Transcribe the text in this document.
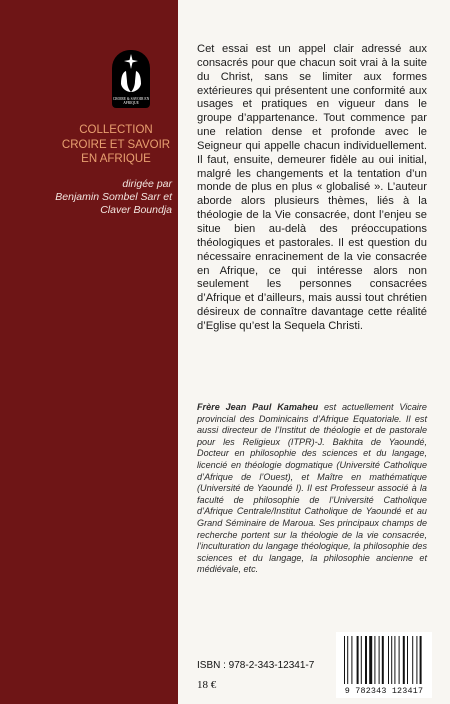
CROIRE & SAVOIR EN AFRIQUE
COLLECTION CROIRE ET SAVOIR EN AFRIQUE
dirigée par
Benjamin Sombel Sarr et Claver Boundja
Cet essai est un appel clair adressé aux consacrés pour que chacun soit vrai à la suite du Christ, sans se limiter aux formes extérieures qui présentent une conformité aux usages et pratiques en vigueur dans le groupe d’appartenance. Tout commence par une relation dense et profonde avec le Seigneur qui appelle chacun individuellement. Il faut, ensuite, demeurer fidèle au oui initial, malgré les changements et la tentation d’un monde de plus en plus « globalisé ». L’auteur aborde alors plusieurs thèmes, liés à la théologie de la Vie consacrée, dont l’enjeu se situe bien au-delà des préoccupations théologiques et pastorales. Il est question du nécessaire enracinement de la vie consacrée en Afrique, ce qui intéresse alors non seulement les personnes consacrées d’Afrique et d’ailleurs, mais aussi tout chrétien désireux de connaître davantage cette réalité d’Eglise qu’est la Sequela Christi.
Frère Jean Paul Kamaheu est actuellement Vicaire provincial des Dominicains d’Afrique Equatoriale. Il est aussi directeur de l’Institut de théologie et de pastorale pour les Religieux (ITPR)-J. Bakhita de Yaoundé, Docteur en philosophie des sciences et du langage, licencié en théologie dogmatique (Université Catholique d’Afrique de l’Ouest), et Maître en mathématique (Université de Yaoundé I). Il est Professeur associé à la faculté de philosophie de l’Université Catholique d’Afrique Centrale/Institut Catholique de Yaoundé et au Grand Séminaire de Maroua. Ses principaux champs de recherche portent sur la théologie de la vie consacrée, l’inculturation du langage théologique, la philosophie des sciences et du langage, la philosophie ancienne et médiévale, etc.
ISBN : 978-2-343-12341-7
18 €	9 782343 123417
